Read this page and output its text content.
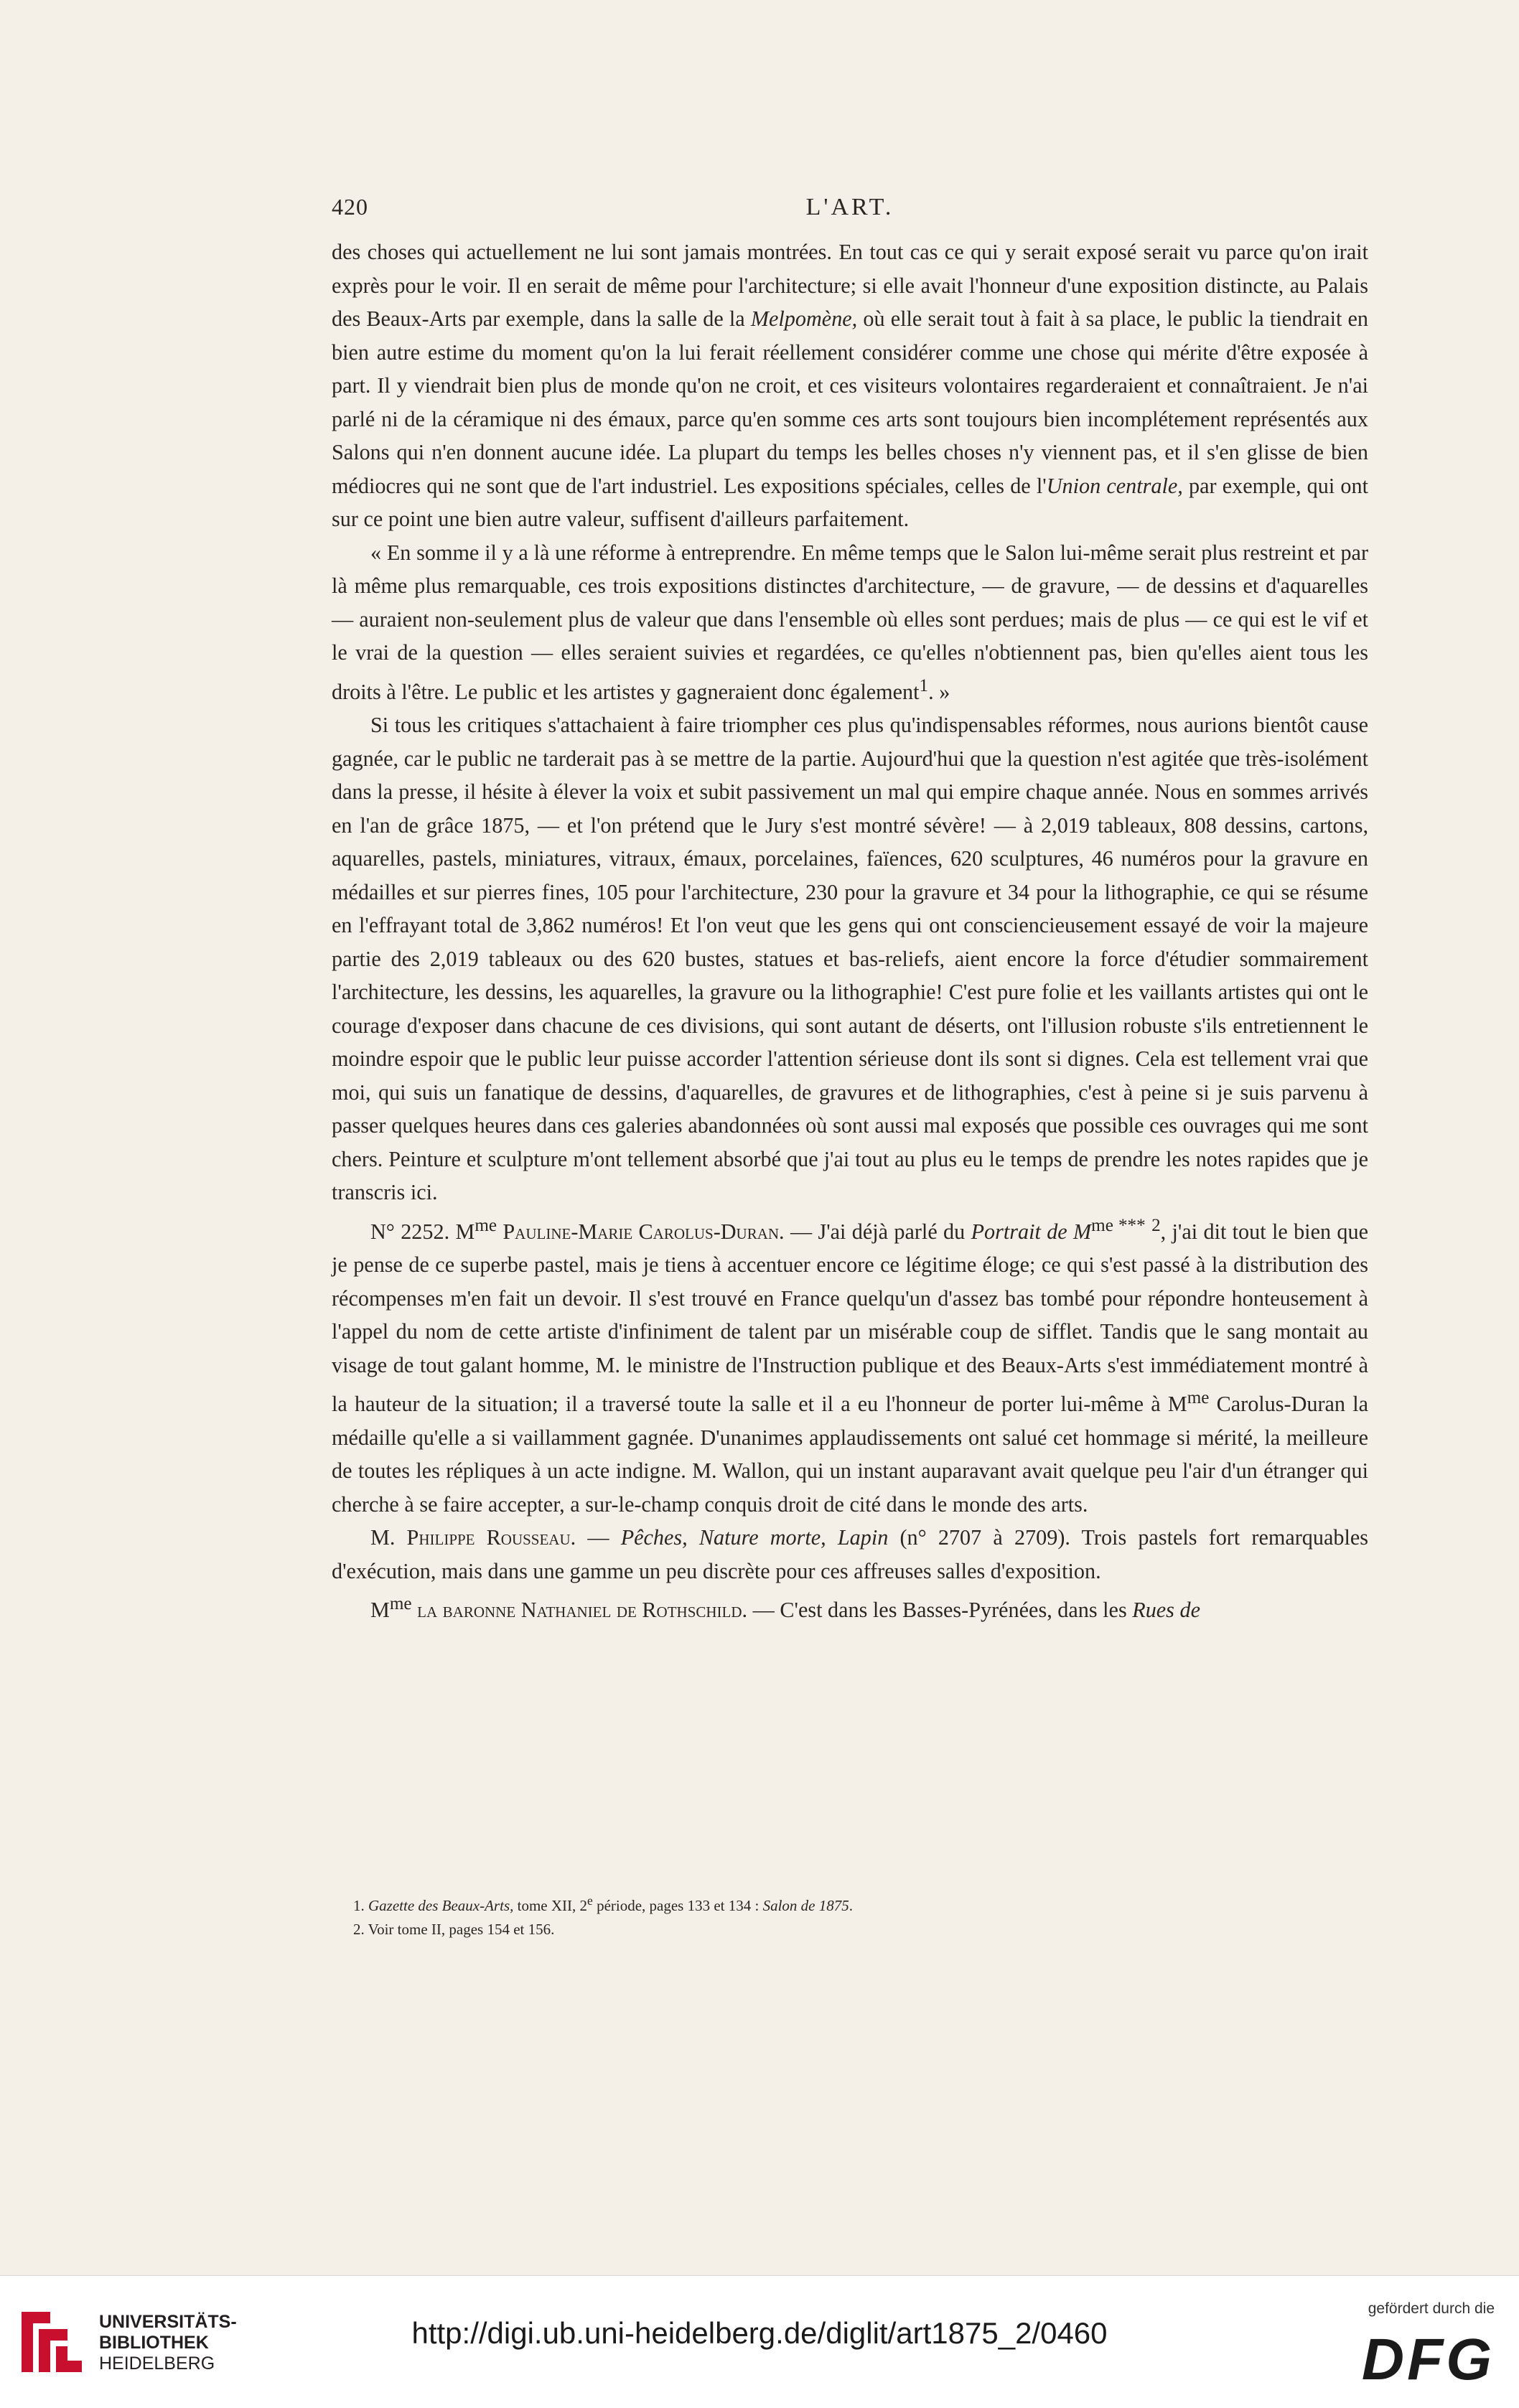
420	L'ART.

des choses qui actuellement ne lui sont jamais montrées. En tout cas ce qui y serait exposé serait vu parce qu'on irait exprès pour le voir. Il en serait de même pour l'architecture; si elle avait l'honneur d'une exposition distincte, au Palais des Beaux-Arts par exemple, dans la salle de la Melpomène, où elle serait tout à fait à sa place, le public la tiendrait en bien autre estime du moment qu'on la lui ferait réellement considérer comme une chose qui mérite d'être exposée à part. Il y viendrait bien plus de monde qu'on ne croit, et ces visiteurs volontaires regarderaient et connaîtraient. Je n'ai parlé ni de la céramique ni des émaux, parce qu'en somme ces arts sont toujours bien incomplétement représentés aux Salons qui n'en donnent aucune idée. La plupart du temps les belles choses n'y viennent pas, et il s'en glisse de bien médiocres qui ne sont que de l'art industriel. Les expositions spéciales, celles de l'Union centrale, par exemple, qui ont sur ce point une bien autre valeur, suffisent d'ailleurs parfaitement.

« En somme il y a là une réforme à entreprendre. En même temps que le Salon lui-même serait plus restreint et par là même plus remarquable, ces trois expositions distinctes d'architecture, — de gravure, — de dessins et d'aquarelles — auraient non-seulement plus de valeur que dans l'ensemble où elles sont perdues; mais de plus — ce qui est le vif et le vrai de la question — elles seraient suivies et regardées, ce qu'elles n'obtiennent pas, bien qu'elles aient tous les droits à l'être. Le public et les artistes y gagneraient donc également$^1$. »

Si tous les critiques s'attachaient à faire triompher ces plus qu'indispensables réformes, nous aurions bientôt cause gagnée, car le public ne tarderait pas à se mettre de la partie. Aujourd'hui que la question n'est agitée que très-isolément dans la presse, il hésite à élever la voix et subit passivement un mal qui empire chaque année. Nous en sommes arrivés en l'an de grâce 1875, — et l'on prétend que le Jury s'est montré sévère! — à 2,019 tableaux, 808 dessins, cartons, aquarelles, pastels, miniatures, vitraux, émaux, porcelaines, faïences, 620 sculptures, 46 numéros pour la gravure en médailles et sur pierres fines, 105 pour l'architecture, 230 pour la gravure et 34 pour la lithographie, ce qui se résume en l'effrayant total de 3,862 numéros! Et l'on veut que les gens qui ont consciencieusement essayé de voir la majeure partie des 2,019 tableaux ou des 620 bustes, statues et bas-reliefs, aient encore la force d'étudier sommairement l'architecture, les dessins, les aquarelles, la gravure ou la lithographie! C'est pure folie et les vaillants artistes qui ont le courage d'exposer dans chacune de ces divisions, qui sont autant de déserts, ont l'illusion robuste s'ils entretiennent le moindre espoir que le public leur puisse accorder l'attention sérieuse dont ils sont si dignes. Cela est tellement vrai que moi, qui suis un fanatique de dessins, d'aquarelles, de gravures et de lithographies, c'est à peine si je suis parvenu à passer quelques heures dans ces galeries abandonnées où sont aussi mal exposés que possible ces ouvrages qui me sont chers. Peinture et sculpture m'ont tellement absorbé que j'ai tout au plus eu le temps de prendre les notes rapides que je transcris ici.

N° 2252. $M^{me}$ Pauline-Marie Carolus-Duran. — J'ai déjà parlé du Portrait de $M^{me ***}$ $^2$, j'ai dit tout le bien que je pense de ce superbe pastel, mais je tiens à accentuer encore ce légitime éloge; ce qui s'est passé à la distribution des récompenses m'en fait un devoir. Il s'est trouvé en France quelqu'un d'assez bas tombé pour répondre honteusement à l'appel du nom de cette artiste d'infiniment de talent par un misérable coup de sifflet. Tandis que le sang montait au visage de tout galant homme, M. le ministre de l'Instruction publique et des Beaux-Arts s'est immédiatement montré à la hauteur de la situation; il a traversé toute la salle et il a eu l'honneur de porter lui-même à $M^{me}$ Carolus-Duran la médaille qu'elle a si vaillamment gagnée. D'unanimes applaudissements ont salué cet hommage si mérité, la meilleure de toutes les répliques à un acte indigne. M. Wallon, qui un instant auparavant avait quelque peu l'air d'un étranger qui cherche à se faire accepter, a sur-le-champ conquis droit de cité dans le monde des arts.

M. Philippe Rousseau. — Pêches, Nature morte, Lapin (n° 2707 à 2709). Trois pastels fort remarquables d'exécution, mais dans une gamme un peu discrète pour ces affreuses salles d'exposition.

$M^{me}$ la baronne Nathaniel de Rothschild. — C'est dans les Basses-Pyrénées, dans les Rues de

1. Gazette des Beaux-Arts, tome XII, 2e période, pages 133 et 134 : Salon de 1875.
2. Voir tome II, pages 154 et 156.
UNIVERSITÄTS-
BIBLIOTHEK
HEIDELBERG
http://digi.ub.uni-heidelberg.de/diglit/art1875_2/0460
gefördert durch die
DFG
